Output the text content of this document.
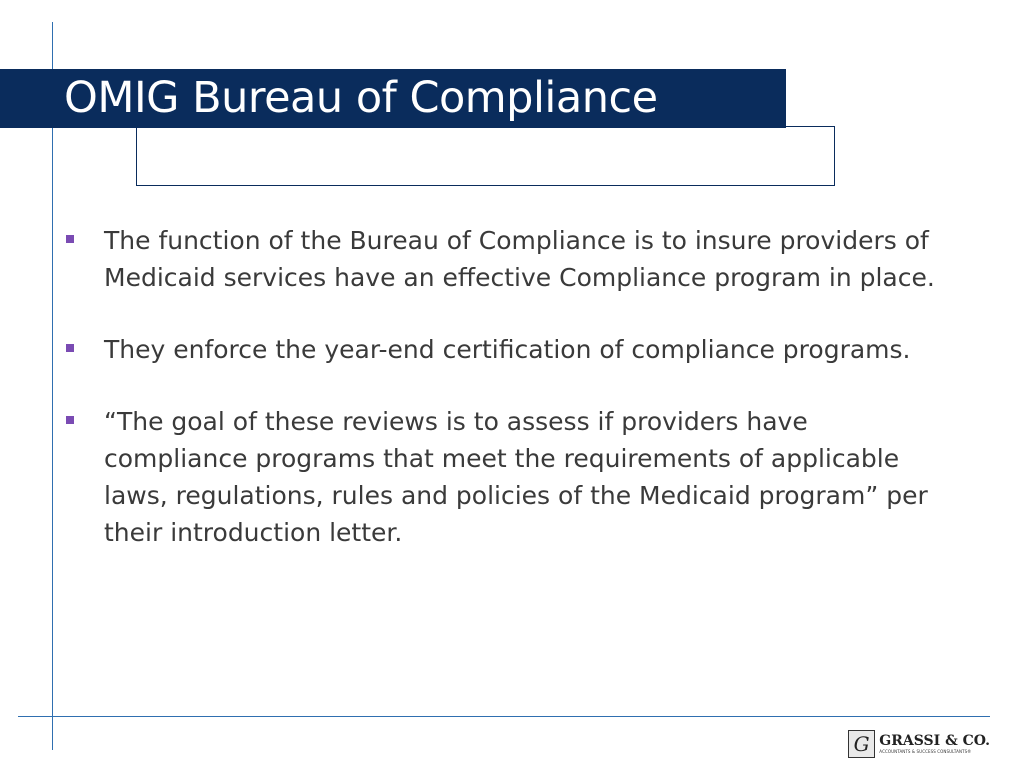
OMIG Bureau of Compliance
The function of the Bureau of Compliance is to insure providers of Medicaid services have an effective Compliance program in place.
They enforce the year-end certification of compliance programs.
“The goal of these reviews is to assess if providers have compliance programs that meet the requirements of applicable laws, regulations, rules and policies of the Medicaid program” per their introduction letter.
G GRASSI & CO.
ACCOUNTANTS & SUCCESS CONSULTANTS®
